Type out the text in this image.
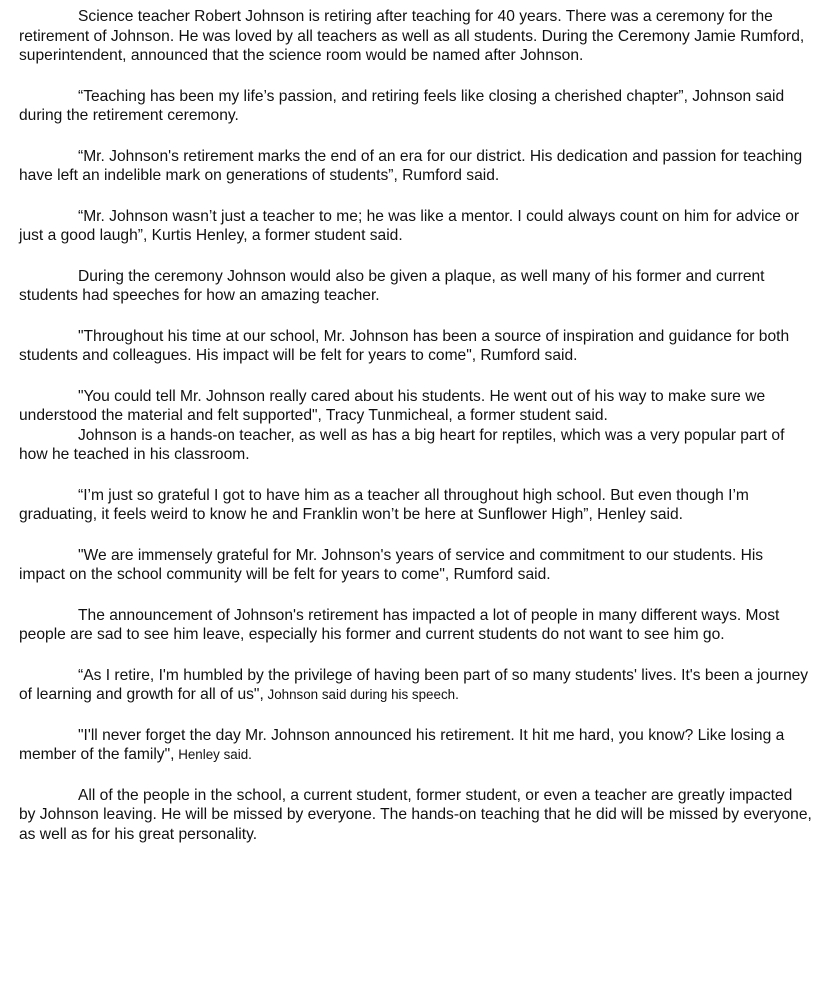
Science teacher Robert Johnson is retiring after teaching for 40 years. There was a ceremony for the retirement of Johnson. He was loved by all teachers as well as all students. During the Ceremony Jamie Rumford, superintendent, announced that the science room would be named after Johnson.

“Teaching has been my life’s passion, and retiring feels like closing a cherished chapter”, Johnson said during the retirement ceremony.

“Mr. Johnson's retirement marks the end of an era for our district. His dedication and passion for teaching have left an indelible mark on generations of students”, Rumford said.

“Mr. Johnson wasn’t just a teacher to me; he was like a mentor. I could always count on him for advice or just a good laugh”, Kurtis Henley, a former student said.

During the ceremony Johnson would also be given a plaque, as well many of his former and current students had speeches for how an amazing teacher.

"Throughout his time at our school, Mr. Johnson has been a source of inspiration and guidance for both students and colleagues. His impact will be felt for years to come", Rumford said.

"You could tell Mr. Johnson really cared about his students. He went out of his way to make sure we understood the material and felt supported", Tracy Tunmicheal, a former student said.

Johnson is a hands-on teacher, as well as has a big heart for reptiles, which was a very popular part of how he teached in his classroom.

“I’m just so grateful I got to have him as a teacher all throughout high school. But even though I’m graduating, it feels weird to know he and Franklin won’t be here at Sunflower High”, Henley said.

"We are immensely grateful for Mr. Johnson's years of service and commitment to our students. His impact on the school community will be felt for years to come", Rumford said.

The announcement of Johnson's retirement has impacted a lot of people in many different ways. Most people are sad to see him leave, especially his former and current students do not want to see him go.

“As I retire, I'm humbled by the privilege of having been part of so many students' lives. It's been a journey of learning and growth for all of us", Johnson said during his speech.

"I'll never forget the day Mr. Johnson announced his retirement. It hit me hard, you know? Like losing a member of the family", Henley said.

All of the people in the school, a current student, former student, or even a teacher are greatly impacted by Johnson leaving. He will be missed by everyone. The hands-on teaching that he did will be missed by everyone, as well as for his great personality.
